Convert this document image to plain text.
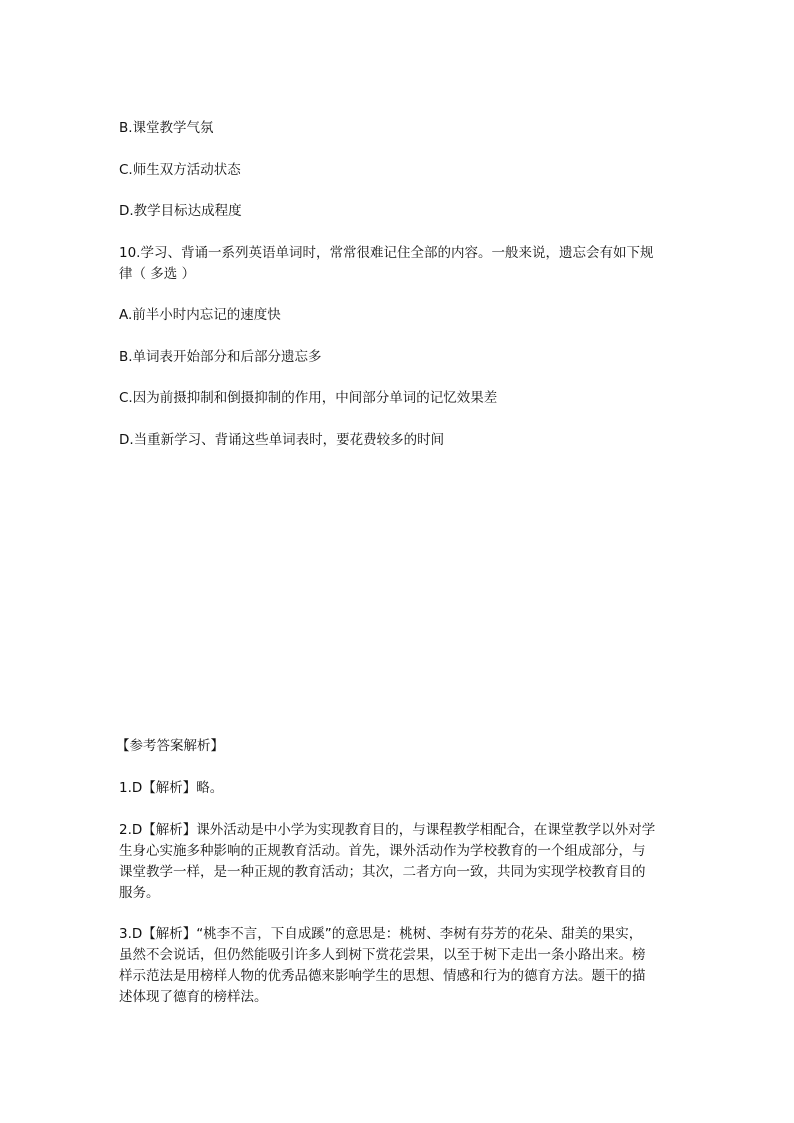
B.课堂教学气氛
C.师生双方活动状态
D.教学目标达成程度
10.学习、背诵一系列英语单词时，常常很难记住全部的内容。一般来说，遗忘会有如下规
律（ 多选 ）
A.前半小时内忘记的速度快
B.单词表开始部分和后部分遗忘多
C.因为前摄抑制和倒摄抑制的作用，中间部分单词的记忆效果差
D.当重新学习、背诵这些单词表时，要花费较多的时间
【参考答案解析】
1.D【解析】略。
2.D【解析】课外活动是中小学为实现教育目的，与课程教学相配合，在课堂教学以外对学
生身心实施多种影响的正规教育活动。首先，课外活动作为学校教育的一个组成部分，与
课堂教学一样，是一种正规的教育活动；其次，二者方向一致，共同为实现学校教育目的
服务。
3.D【解析】“桃李不言，下自成蹊”的意思是：桃树、李树有芬芳的花朵、甜美的果实，
虽然不会说话，但仍然能吸引许多人到树下赏花尝果，以至于树下走出一条小路出来。榜
样示范法是用榜样人物的优秀品德来影响学生的思想、情感和行为的德育方法。题干的描
述体现了德育的榜样法。
